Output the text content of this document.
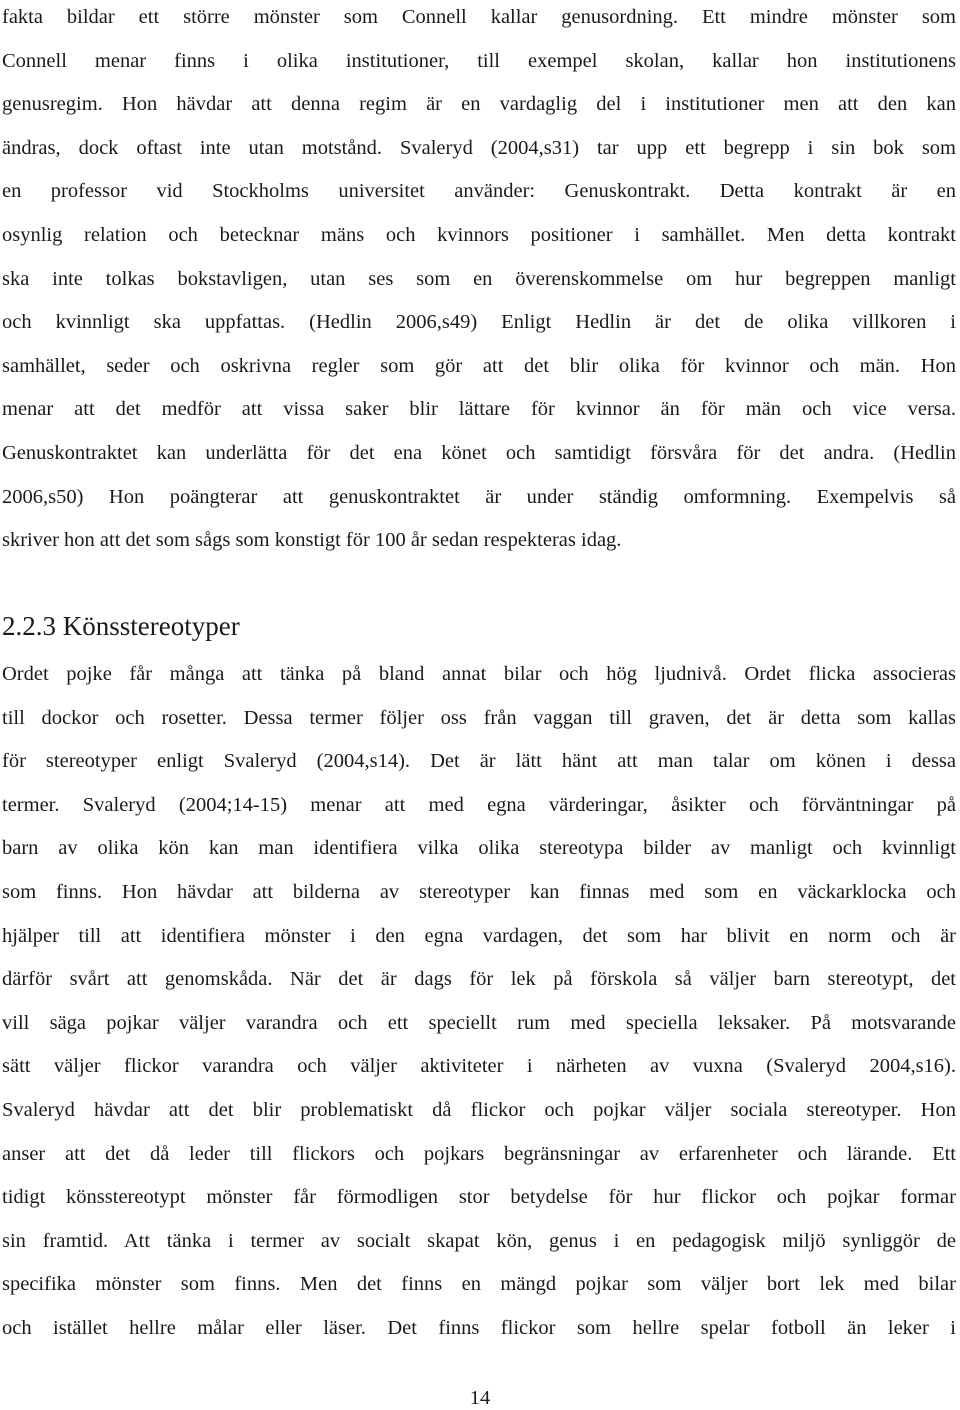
fakta bildar ett större mönster som Connell kallar genusordning. Ett mindre mönster som
Connell menar finns i olika institutioner, till exempel skolan, kallar hon institutionens
genusregim. Hon hävdar att denna regim är en vardaglig del i institutioner men att den kan
ändras, dock oftast inte utan motstånd. Svaleryd (2004,s31) tar upp ett begrepp i sin bok som
en professor vid Stockholms universitet använder: Genuskontrakt. Detta kontrakt är en
osynlig relation och betecknar mäns och kvinnors positioner i samhället. Men detta kontrakt
ska inte tolkas bokstavligen, utan ses som en överenskommelse om hur begreppen manligt
och kvinnligt ska uppfattas. (Hedlin 2006,s49) Enligt Hedlin är det de olika villkoren i
samhället, seder och oskrivna regler som gör att det blir olika för kvinnor och män. Hon
menar att det medför att vissa saker blir lättare för kvinnor än för män och vice versa.
Genuskontraktet kan underlätta för det ena könet och samtidigt försvåra för det andra. (Hedlin
2006,s50) Hon poängterar att genuskontraktet är under ständig omformning. Exempelvis så
skriver hon att det som sågs som konstigt för 100 år sedan respekteras idag.
2.2.3 Könsstereotyper
Ordet pojke får många att tänka på bland annat bilar och hög ljudnivå. Ordet flicka associeras
till dockor och rosetter. Dessa termer följer oss från vaggan till graven, det är detta som kallas
för stereotyper enligt Svaleryd (2004,s14). Det är lätt hänt att man talar om könen i dessa
termer. Svaleryd (2004;14-15) menar att med egna värderingar, åsikter och förväntningar på
barn av olika kön kan man identifiera vilka olika stereotypa bilder av manligt och kvinnligt
som finns. Hon hävdar att bilderna av stereotyper kan finnas med som en väckarklocka och
hjälper till att identifiera mönster i den egna vardagen, det som har blivit en norm och är
därför svårt att genomskåda. När det är dags för lek på förskola så väljer barn stereotypt, det
vill säga pojkar väljer varandra och ett speciellt rum med speciella leksaker. På motsvarande
sätt väljer flickor varandra och väljer aktiviteter i närheten av vuxna (Svaleryd 2004,s16).
Svaleryd hävdar att det blir problematiskt då flickor och pojkar väljer sociala stereotyper. Hon
anser att det då leder till flickors och pojkars begränsningar av erfarenheter och lärande. Ett
tidigt könsstereotypt mönster får förmodligen stor betydelse för hur flickor och pojkar formar
sin framtid. Att tänka i termer av socialt skapat kön, genus i en pedagogisk miljö synliggör de
specifika mönster som finns. Men det finns en mängd pojkar som väljer bort lek med bilar
och istället hellre målar eller läser. Det finns flickor som hellre spelar fotboll än leker i
14
